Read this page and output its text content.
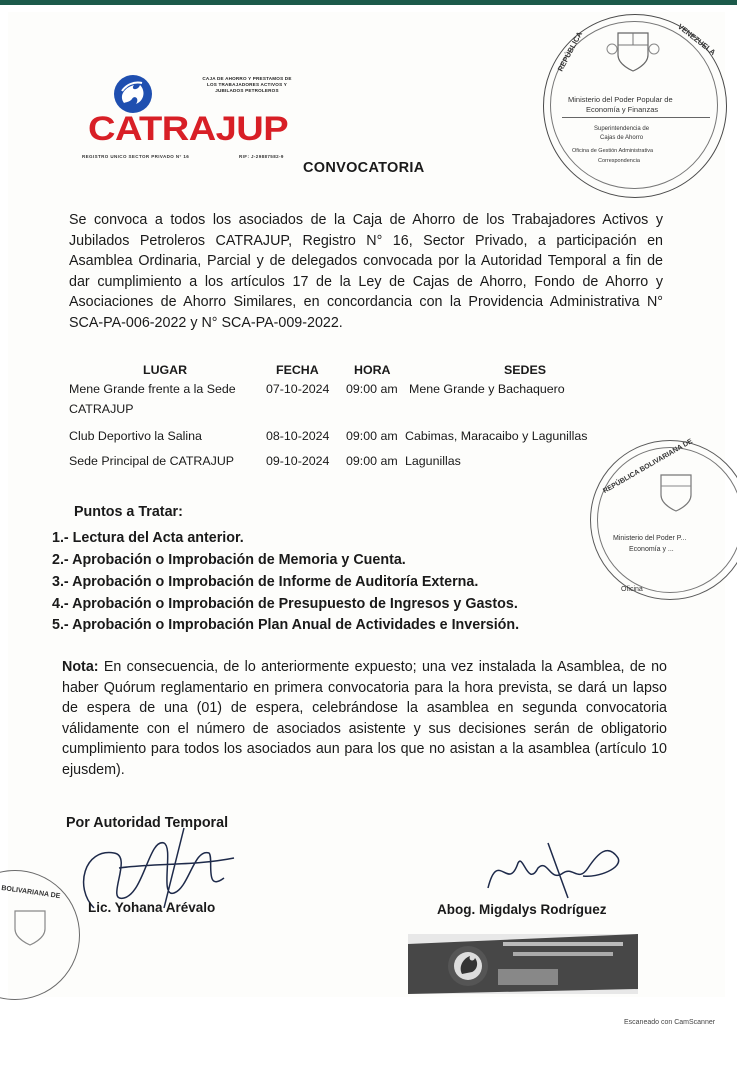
CAJA DE AHORRO Y PRESTAMOS DE
LOS TRABAJADORES ACTIVOS Y
JUBILADOS PETROLEROS
CATRAJUP
REGISTRO UNICO SECTOR PRIVADO N° 16	RIF: J-29887582-9
REPÚBLICA	VENEZUELA
Ministerio del Poder Popular de
Economía y Finanzas
Superintendencia de
Cajas de Ahorro
Oficina de Gestión Administrativa
Correspondencia
REPÚBLICA BOLIVARIANA DE
Ministerio del Poder P...
Economía y ...
Oficina
BOLIVARIANA DE
CONVOCATORIA
Se convoca a todos los asociados de la Caja de Ahorro de los Trabajadores Activos y Jubilados Petroleros CATRAJUP, Registro N° 16, Sector Privado, a participación en Asamblea Ordinaria, Parcial y de delegados convocada por la Autoridad Temporal a fin de dar cumplimiento a los artículos 17 de la Ley de Cajas de Ahorro, Fondo de Ahorro y Asociaciones de Ahorro Similares, en concordancia con la Providencia Administrativa N° SCA-PA-006-2022 y N° SCA-PA-009-2022.
LUGAR	FECHA	HORA	SEDES
Mene Grande frente a la Sede
CATRAJUP
07-10-2024 09:00 am Mene Grande y Bachaquero
Club Deportivo la Salina	08-10-2024 09:00 am Cabimas, Maracaibo y Lagunillas
Sede Principal de CATRAJUP	09-10-2024 09:00 am Lagunillas
Puntos a Tratar:
1.- Lectura del Acta anterior.
2.- Aprobación o Improbación de Memoria y Cuenta.
3.- Aprobación o Improbación de Informe de Auditoría Externa.
4.- Aprobación o Improbación de Presupuesto de Ingresos y Gastos.
5.- Aprobación o Improbación Plan Anual de Actividades e Inversión.
Nota: En consecuencia, de lo anteriormente expuesto; una vez instalada la Asamblea, de no haber Quórum reglamentario en primera convocatoria para la hora prevista, se dará un lapso de espera de una (01) de espera, celebrándose la asamblea en segunda convocatoria válidamente con el número de asociados asistente y sus decisiones serán de obligatorio cumplimiento para todos los asociados aun para los que no asistan a la asamblea (artículo 10 ejusdem).
Por Autoridad Temporal
Lic. Yohana Arévalo	Abog. Migdalys Rodríguez
Escaneado con CamScanner
